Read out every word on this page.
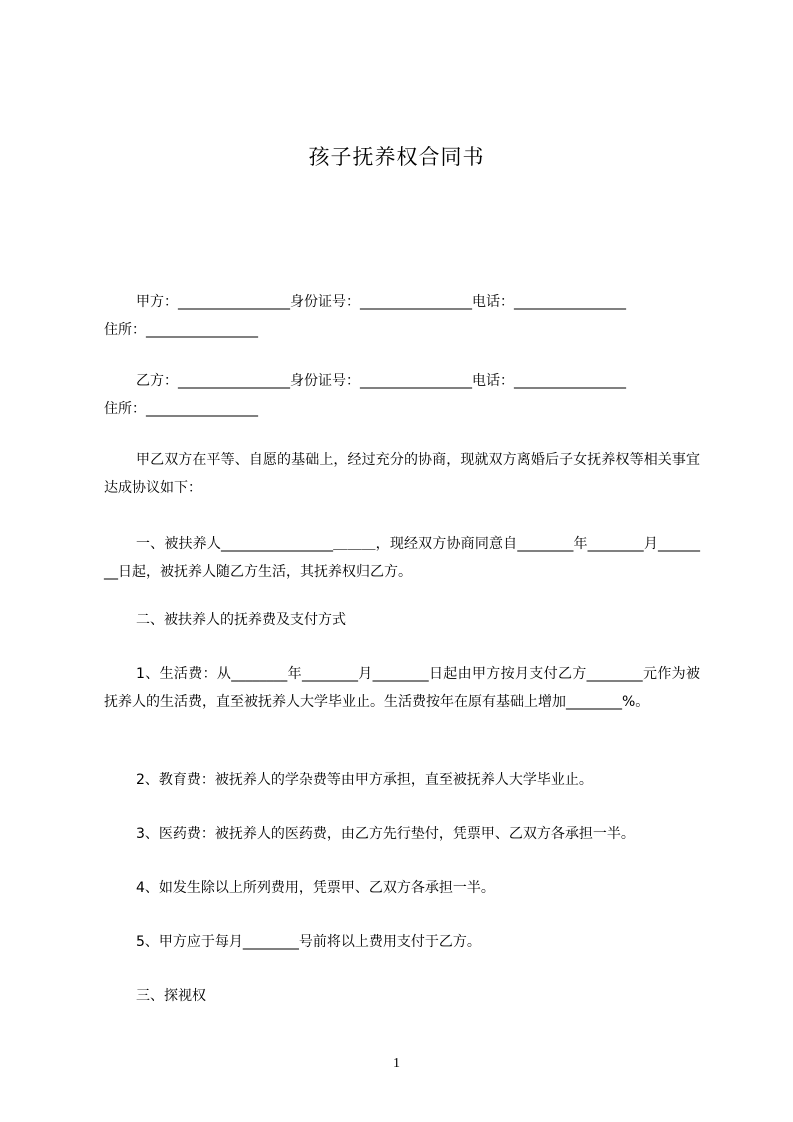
孩子抚养权合同书

甲方：________________身份证号：________________电话：________________

住所：________________

乙方：________________身份证号：________________电话：________________

住所：________________

甲乙双方在平等、自愿的基础上，经过充分的协商，现就双方离婚后子女抚养权等相关事宜达成协议如下：

一、被扶养人________________＿＿＿，现经双方协商同意自________年________月________日起，被抚养人随乙方生活，其抚养权归乙方。

二、被扶养人的抚养费及支付方式

1、生活费：从________年________月________日起由甲方按月支付乙方________元作为被抚养人的生活费，直至被抚养人大学毕业止。生活费按年在原有基础上增加________%。

2、教育费：被抚养人的学杂费等由甲方承担，直至被抚养人大学毕业止。

3、医药费：被抚养人的医药费，由乙方先行垫付，凭票甲、乙双方各承担一半。

4、如发生除以上所列费用，凭票甲、乙双方各承担一半。

5、甲方应于每月________号前将以上费用支付于乙方。

三、探视权

1
